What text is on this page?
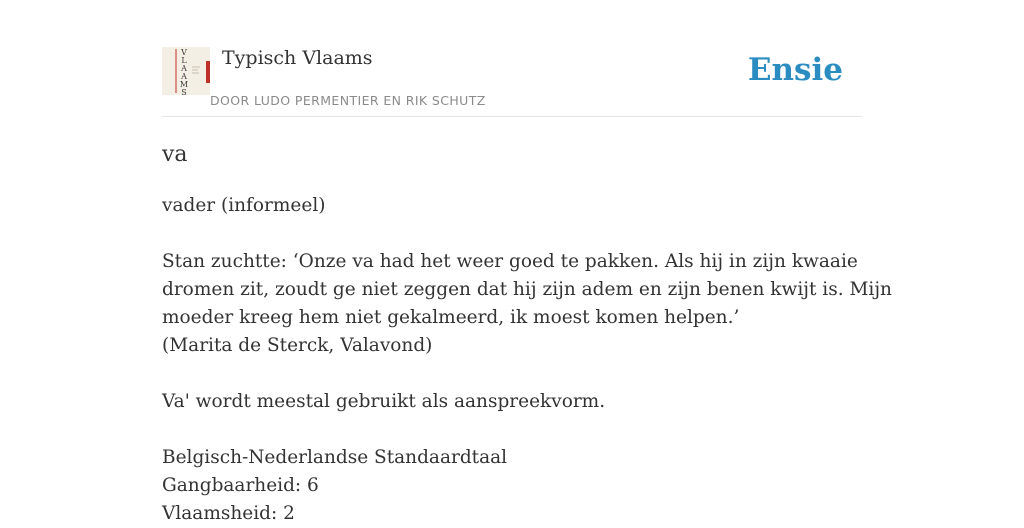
V
L
A
A
M
S
Typisch Vlaams
DOOR LUDO PERMENTIER EN RIK SCHUTZ
Ensie
va
vader (informeel)
Stan zuchtte: ‘Onze va had het weer goed te pakken. Als hij in zijn kwaaie
dromen zit, zoudt ge niet zeggen dat hij zijn adem en zijn benen kwijt is. Mijn
moeder kreeg hem niet gekalmeerd, ik moest komen helpen.’
(Marita de Sterck, Valavond)
Va' wordt meestal gebruikt als aanspreekvorm.
Belgisch-Nederlandse Standaardtaal
Gangbaarheid: 6
Vlaamsheid: 2
